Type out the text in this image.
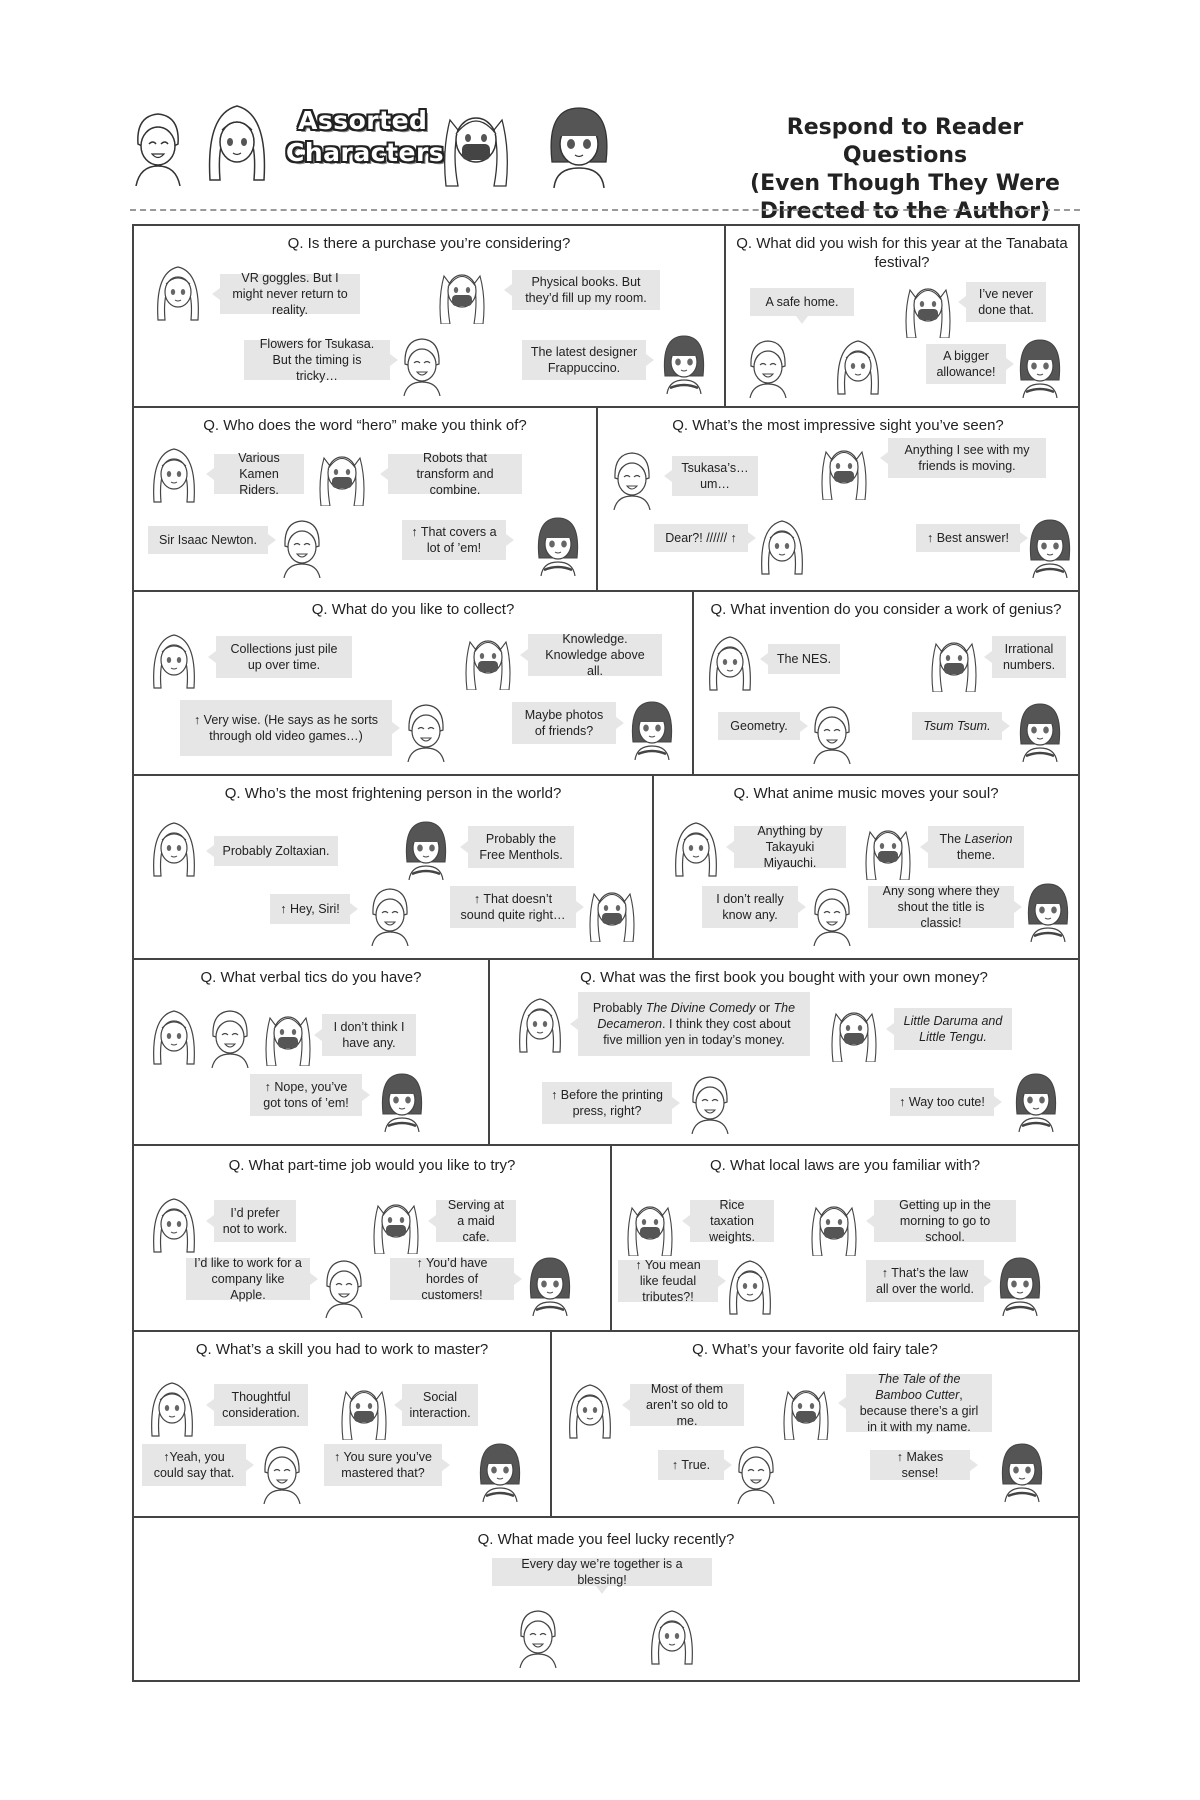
Assorted
Characters
Respond to Reader Questions
(Even Though They Were
Directed to the Author)
Q. Is there a purchase you’re considering?
VR goggles. But I might never return to reality.
Physical books. But they’d fill up my room.
Flowers for Tsukasa. But the timing is tricky…
The latest designer Frappuccino.
Q. What did you wish for this year at the Tanabata festival?
A safe home.
I’ve never done that.
A bigger allowance!
Q. Who does the word “hero” make you think of?
Various Kamen Riders.
Robots that transform and combine.
Sir Isaac Newton.
↑ That covers a lot of ’em!
Q. What’s the most impressive sight you’ve seen?
Tsukasa’s… um…
Anything I see with my friends is moving.
Dear?! ////// ↑	↑ Best answer!
Q. What do you like to collect?
Collections just pile up over time.
Knowledge. Knowledge above all.
↑ Very wise. (He says as he sorts through old video games…)
Maybe photos of friends?
Q. What invention do you consider a work of genius?
The NES.
Irrational numbers.
Geometry.	Tsum Tsum.
Q. Who’s the most frightening person in the world?
Probably Zoltaxian.
Probably the Free Menthols.
↑ Hey, Siri!
↑ That doesn’t sound quite right…
Q. What anime music moves your soul?
Anything by Takayuki Miyauchi.
The Laserion theme.
I don’t really know any.
Any song where they shout the title is classic!
Q. What verbal tics do you have?
I don’t think I have any.
↑ Nope, you’ve got tons of ’em!
Q. What was the first book you bought with your own money?
Probably The Divine Comedy or The Decameron. I think they cost about five million yen in today’s money.
Little Daruma and Little Tengu.
↑ Before the printing press, right?
↑ Way too cute!
Q. What part-time job would you like to try?
I’d prefer not to work.
Serving at a maid cafe.
I’d like to work for a company like Apple.
↑ You’d have hordes of customers!
Q. What local laws are you familiar with?
Rice taxation weights.
Getting up in the morning to go to school.
↑ You mean like feudal tributes?!
↑ That’s the law all over the world.
Q. What’s a skill you had to work to master?
Thoughtful consideration.
Social interaction.
↑Yeah, you could say that.
↑ You sure you’ve mastered that?
Q. What’s your favorite old fairy tale?
Most of them aren’t so old to me.
The Tale of the Bamboo Cutter, because there’s a girl in it with my name.
↑ True.
↑ Makes sense!
Q. What made you feel lucky recently?
Every day we’re together is a blessing!
